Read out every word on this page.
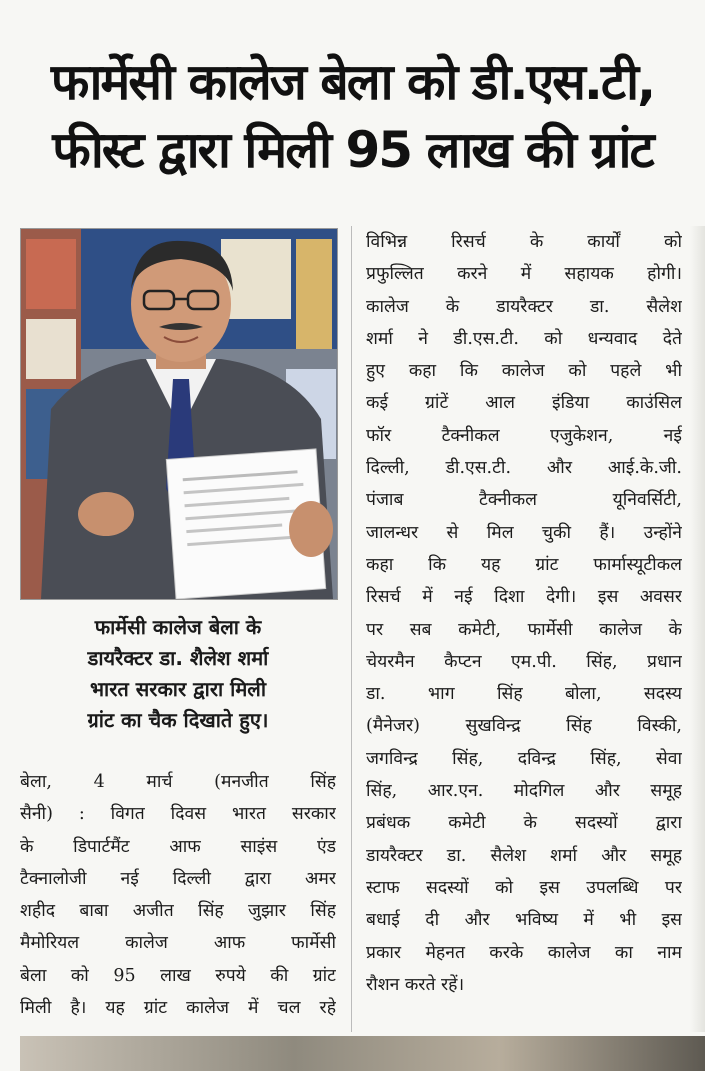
फार्मेसी कालेज बेला को डी.एस.टी,
फीस्ट द्वारा मिली 95 लाख की ग्रांट
फार्मेसी कालेज बेला के
डायरैक्टर डा. शैलेश शर्मा
भारत सरकार द्वारा मिली
ग्रांट का चैक दिखाते हुए।
बेला, 4 मार्च (मनजीत सिंह
सैनी) : विगत दिवस भारत सरकार
के डिपार्टमैंट आफ साइंस एंड
टैक्नालोजी नई दिल्ली द्वारा अमर
शहीद बाबा अजीत सिंह जुझार सिंह
मैमोरियल कालेज आफ फार्मेसी
बेला को 95 लाख रुपये की ग्रांट
मिली है। यह ग्रांट कालेज में चल रहे
विभिन्न रिसर्च के कार्यों को
प्रफुल्लित करने में सहायक होगी।
कालेज के डायरैक्टर डा. सैलेश
शर्मा ने डी.एस.टी. को धन्यवाद देते
हुए कहा कि कालेज को पहले भी
कई ग्रांटें आल इंडिया काउंसिल
फॉर टैक्नीकल एजुकेशन, नई
दिल्ली, डी.एस.टी. और आई.के.जी.
पंजाब टैक्नीकल यूनिवर्सिटी,
जालन्धर से मिल चुकी हैं। उन्होंने
कहा कि यह ग्रांट फार्मास्यूटीकल
रिसर्च में नई दिशा देगी। इस अवसर
पर सब कमेटी, फार्मेसी कालेज के
चेयरमैन कैप्टन एम.पी. सिंह, प्रधान
डा. भाग सिंह बोला, सदस्य
(मैनेजर) सुखविन्द्र सिंह विस्की,
जगविन्द्र सिंह, दविन्द्र सिंह, सेवा
सिंह, आर.एन. मोदगिल और समूह
प्रबंधक कमेटी के सदस्यों द्वारा
डायरैक्टर डा. सैलेश शर्मा और समूह
स्टाफ सदस्यों को इस उपलब्धि पर
बधाई दी और भविष्य में भी इस
प्रकार मेहनत करके कालेज का नाम
रौशन करते रहें।
